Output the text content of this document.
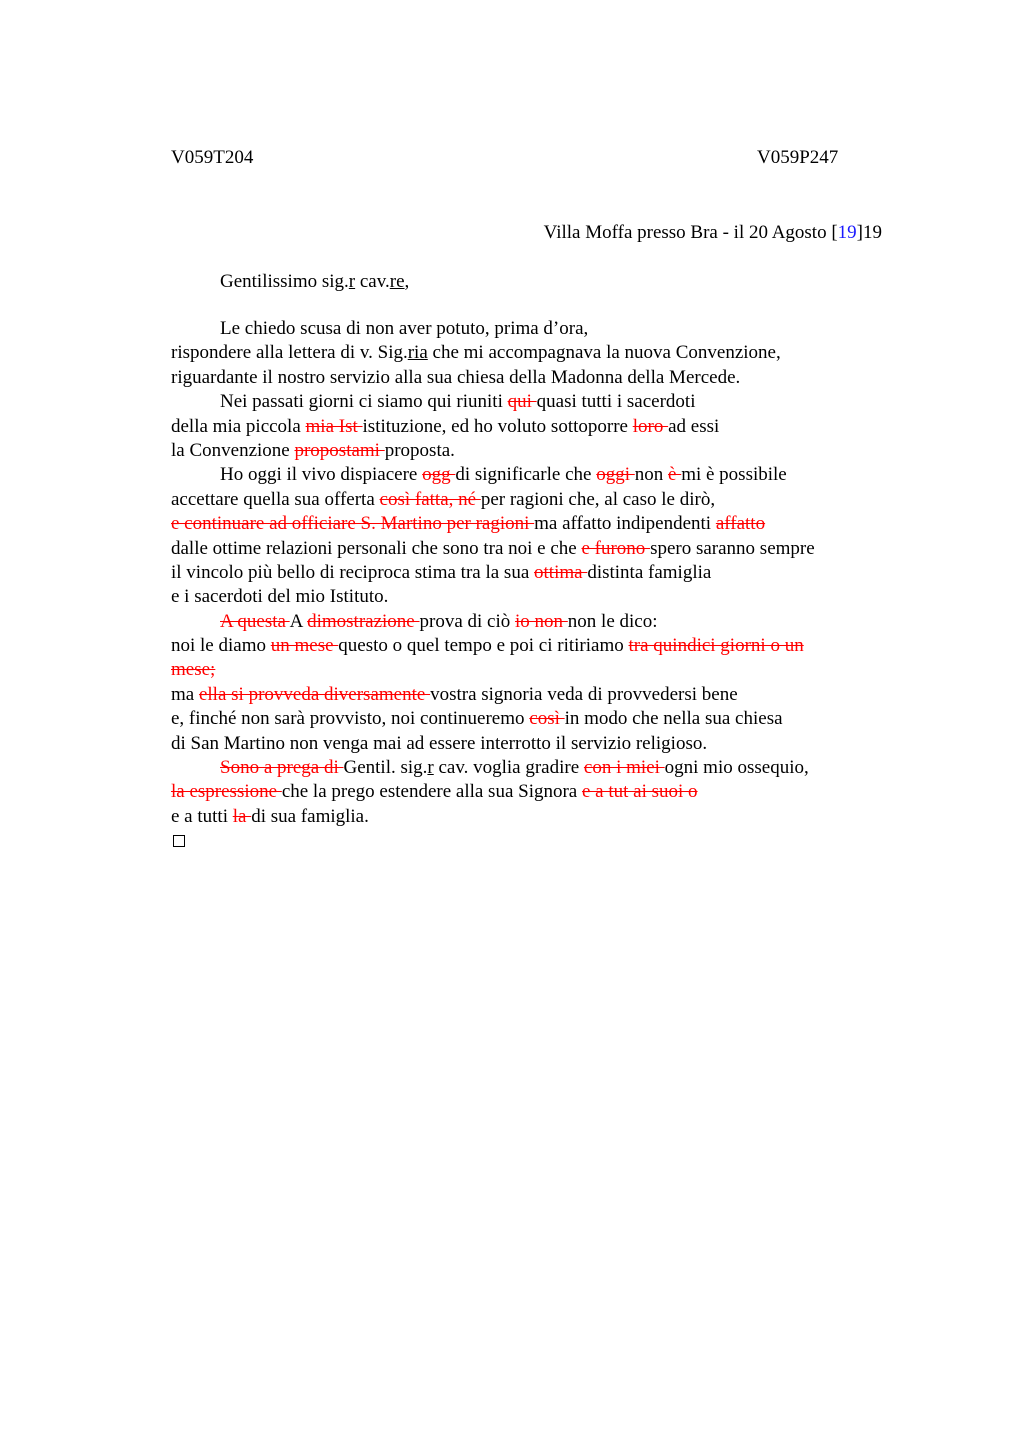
V059T204	V059P247
Villa Moffa presso Bra - il 20 Agosto [19]19
Gentilissimo sig.r cav.re,
Le chiedo scusa di non aver potuto, prima d’ora,
rispondere alla lettera di v. Sig.ria che mi accompagnava la nuova Convenzione,
riguardante il nostro servizio alla sua chiesa della Madonna della Mercede.
Nei passati giorni ci siamo qui riuniti qui quasi tutti i sacerdoti
della mia piccola mia Ist istituzione, ed ho voluto sottoporre loro ad essi
la Convenzione propostami proposta.
Ho oggi il vivo dispiacere ogg di significarle che oggi non è mi è possibile
accettare quella sua offerta così fatta, né per ragioni che, al caso le dirò,
e continuare ad officiare S. Martino per ragioni ma affatto indipendenti affatto
dalle ottime relazioni personali che sono tra noi e che e furono spero saranno sempre
il vincolo più bello di reciproca stima tra la sua ottima distinta famiglia
e i sacerdoti del mio Istituto.
A questa A dimostrazione prova di ciò io non non le dico:
noi le diamo un mese questo o quel tempo e poi ci ritiriamo tra quindici giorni o un
mese;
ma ella si provveda diversamente vostra signoria veda di provvedersi bene
e, finché non sarà provvisto, noi continueremo così in modo che nella sua chiesa
di San Martino non venga mai ad essere interrotto il servizio religioso.
Sono a prega di Gentil. sig.r cav. voglia gradire con i miei ogni mio ossequio,
la espressione che la prego estendere alla sua Signora e a tut ai suoi o
e a tutti la di sua famiglia.
